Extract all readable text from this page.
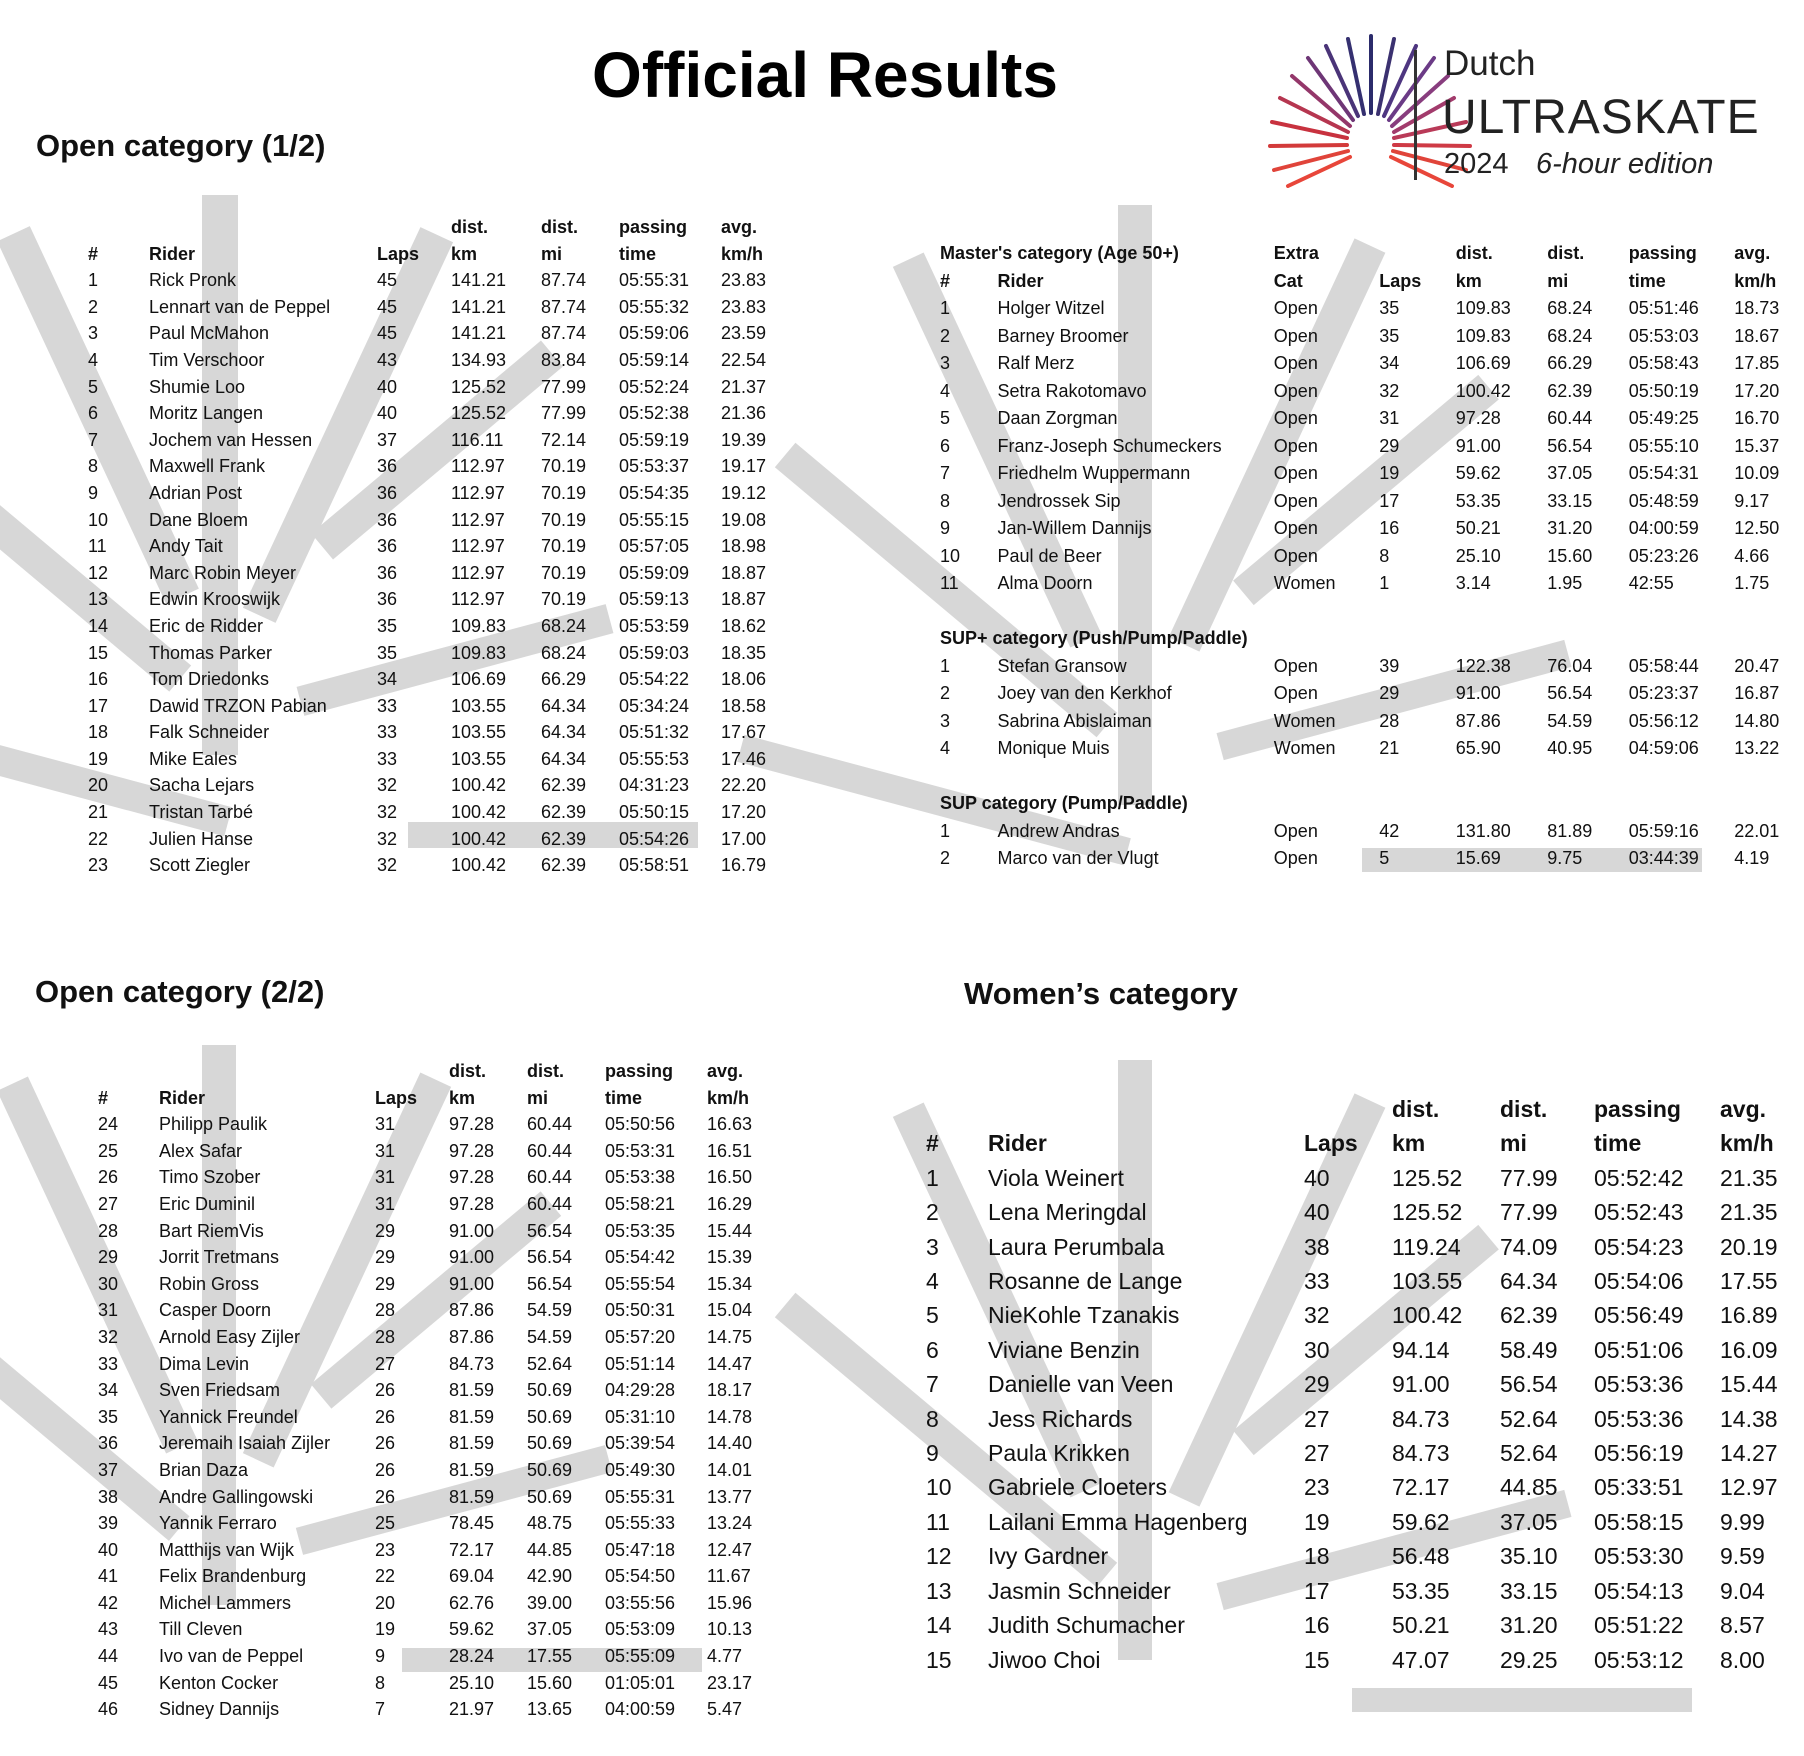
Official Results	Dutch
ULTRASKATE
2024 6-hour edition
Open category (1/2)
Open category (2/2)	Women’s category
			dist.	dist.	passing	avg.
#	Rider	Laps	km	mi	time	km/h
1	Rick Pronk	45	141.21	87.74	05:55:31	23.83
2	Lennart van de Peppel	45	141.21	87.74	05:55:32	23.83
3	Paul McMahon	45	141.21	87.74	05:59:06	23.59
4	Tim Verschoor	43	134.93	83.84	05:59:14	22.54
5	Shumie Loo	40	125.52	77.99	05:52:24	21.37
6	Moritz Langen	40	125.52	77.99	05:52:38	21.36
7	Jochem van Hessen	37	116.11	72.14	05:59:19	19.39
8	Maxwell Frank	36	112.97	70.19	05:53:37	19.17
9	Adrian Post	36	112.97	70.19	05:54:35	19.12
10	Dane Bloem	36	112.97	70.19	05:55:15	19.08
11	Andy Tait	36	112.97	70.19	05:57:05	18.98
12	Marc Robin Meyer	36	112.97	70.19	05:59:09	18.87
13	Edwin Krooswijk	36	112.97	70.19	05:59:13	18.87
14	Eric de Ridder	35	109.83	68.24	05:53:59	18.62
15	Thomas Parker	35	109.83	68.24	05:59:03	18.35
16	Tom Driedonks	34	106.69	66.29	05:54:22	18.06
17	Dawid TRZON Pabian	33	103.55	64.34	05:34:24	18.58
18	Falk Schneider	33	103.55	64.34	05:51:32	17.67
19	Mike Eales	33	103.55	64.34	05:55:53	17.46
20	Sacha Lejars	32	100.42	62.39	04:31:23	22.20
21	Tristan Tarbé	32	100.42	62.39	05:50:15	17.20
22	Julien Hanse	32	100.42	62.39	05:54:26	17.00
23	Scott Ziegler	32	100.42	62.39	05:58:51	16.79
Master's category (Age 50+)		Extra		dist.	dist.	passing	avg.
#	Rider	Cat	Laps	km	mi	time	km/h
1	Holger Witzel	Open	35	109.83	68.24	05:51:46	18.73
2	Barney Broomer	Open	35	109.83	68.24	05:53:03	18.67
3	Ralf Merz	Open	34	106.69	66.29	05:58:43	17.85
4	Setra Rakotomavo	Open	32	100.42	62.39	05:50:19	17.20
5	Daan Zorgman	Open	31	97.28	60.44	05:49:25	16.70
6	Franz-Joseph Schumeckers	Open	29	91.00	56.54	05:55:10	15.37
7	Friedhelm Wuppermann	Open	19	59.62	37.05	05:54:31	10.09
8	Jendrossek Sip	Open	17	53.35	33.15	05:48:59	9.17
9	Jan-Willem Dannijs	Open	16	50.21	31.20	04:00:59	12.50
10	Paul de Beer	Open	8	25.10	15.60	05:23:26	4.66
11	Alma Doorn	Women	1	3.14	1.95	42:55	1.75

SUP+ category (Push/Pump/Paddle)							
1	Stefan Gransow	Open	39	122.38	76.04	05:58:44	20.47
2	Joey van den Kerkhof	Open	29	91.00	56.54	05:23:37	16.87
3	Sabrina Abislaiman	Women	28	87.86	54.59	05:56:12	14.80
4	Monique Muis	Women	21	65.90	40.95	04:59:06	13.22

SUP category (Pump/Paddle)							
1	Andrew Andras	Open	42	131.80	81.89	05:59:16	22.01
2	Marco van der Vlugt	Open	5	15.69	9.75	03:44:39	4.19
			dist.	dist.	passing	avg.
#	Rider	Laps	km	mi	time	km/h
24	Philipp Paulik	31	97.28	60.44	05:50:56	16.63
25	Alex Safar	31	97.28	60.44	05:53:31	16.51
26	Timo Szober	31	97.28	60.44	05:53:38	16.50
27	Eric Duminil	31	97.28	60.44	05:58:21	16.29
28	Bart RiemVis	29	91.00	56.54	05:53:35	15.44
29	Jorrit Tretmans	29	91.00	56.54	05:54:42	15.39
30	Robin Gross	29	91.00	56.54	05:55:54	15.34
31	Casper Doorn	28	87.86	54.59	05:50:31	15.04
32	Arnold Easy Zijler	28	87.86	54.59	05:57:20	14.75
33	Dima Levin	27	84.73	52.64	05:51:14	14.47
34	Sven Friedsam	26	81.59	50.69	04:29:28	18.17
35	Yannick Freundel	26	81.59	50.69	05:31:10	14.78
36	Jeremaih Isaiah Zijler	26	81.59	50.69	05:39:54	14.40
37	Brian Daza	26	81.59	50.69	05:49:30	14.01
38	Andre Gallingowski	26	81.59	50.69	05:55:31	13.77
39	Yannik Ferraro	25	78.45	48.75	05:55:33	13.24
40	Matthijs van Wijk	23	72.17	44.85	05:47:18	12.47
41	Felix Brandenburg	22	69.04	42.90	05:54:50	11.67
42	Michel Lammers	20	62.76	39.00	03:55:56	15.96
43	Till Cleven	19	59.62	37.05	05:53:09	10.13
44	Ivo van de Peppel	9	28.24	17.55	05:55:09	4.77
45	Kenton Cocker	8	25.10	15.60	01:05:01	23.17
46	Sidney Dannijs	7	21.97	13.65	04:00:59	5.47
			dist.	dist.	passing	avg.
#	Rider	Laps	km	mi	time	km/h
1	Viola Weinert	40	125.52	77.99	05:52:42	21.35
2	Lena Meringdal	40	125.52	77.99	05:52:43	21.35
3	Laura Perumbala	38	119.24	74.09	05:54:23	20.19
4	Rosanne de Lange	33	103.55	64.34	05:54:06	17.55
5	NieKohle Tzanakis	32	100.42	62.39	05:56:49	16.89
6	Viviane Benzin	30	94.14	58.49	05:51:06	16.09
7	Danielle van Veen	29	91.00	56.54	05:53:36	15.44
8	Jess Richards	27	84.73	52.64	05:53:36	14.38
9	Paula Krikken	27	84.73	52.64	05:56:19	14.27
10	Gabriele Cloeters	23	72.17	44.85	05:33:51	12.97
11	Lailani Emma Hagenberg	19	59.62	37.05	05:58:15	9.99
12	Ivy Gardner	18	56.48	35.10	05:53:30	9.59
13	Jasmin Schneider	17	53.35	33.15	05:54:13	9.04
14	Judith Schumacher	16	50.21	31.20	05:51:22	8.57
15	Jiwoo Choi	15	47.07	29.25	05:53:12	8.00
